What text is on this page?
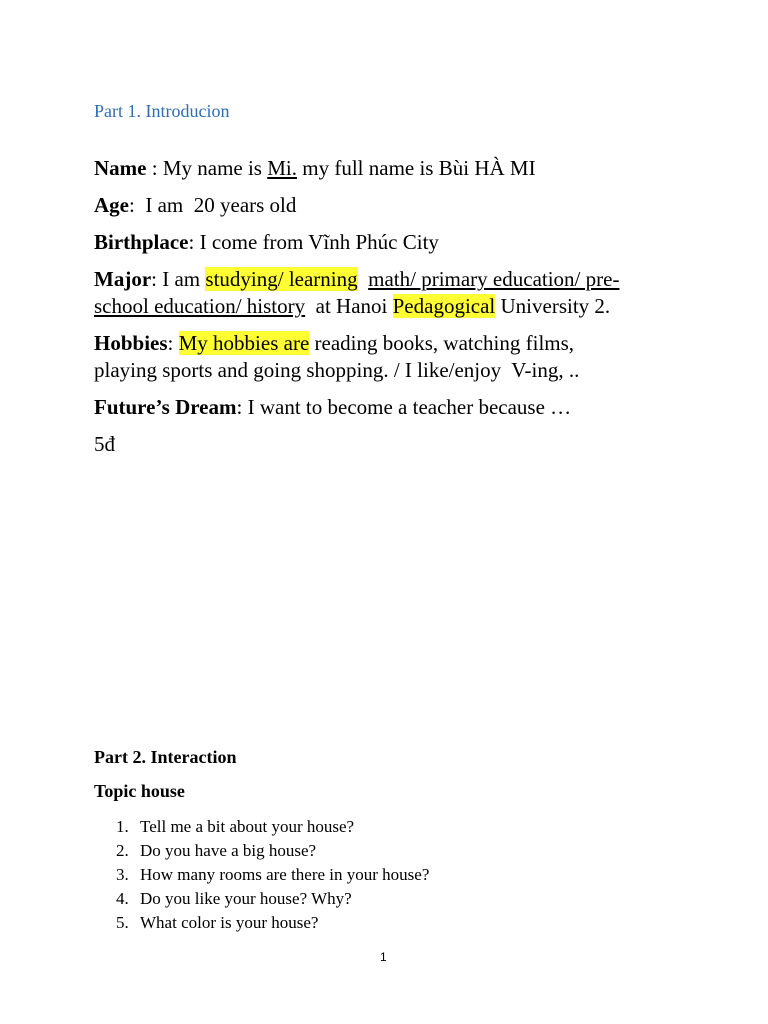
Part 1. Introducion
Name : My name is Mi. my full name is Bùi HÀ MI
Age:  I am  20 years old
Birthplace: I come from Vĩnh Phúc City
Major: I am studying/ learning math/ primary education/ pre-
school education/ history  at Hanoi Pedagogical University 2.
Hobbies: My hobbies are reading books, watching films,
playing sports and going shopping. / I like/enjoy  V-ing, ..
Future’s Dream: I want to become a teacher because …
5đ
Part 2. Interaction
Topic house
1. Tell me a bit about your house?
2. Do you have a big house?
3. How many rooms are there in your house?
4. Do you like your house? Why?
5. What color is your house?
1
